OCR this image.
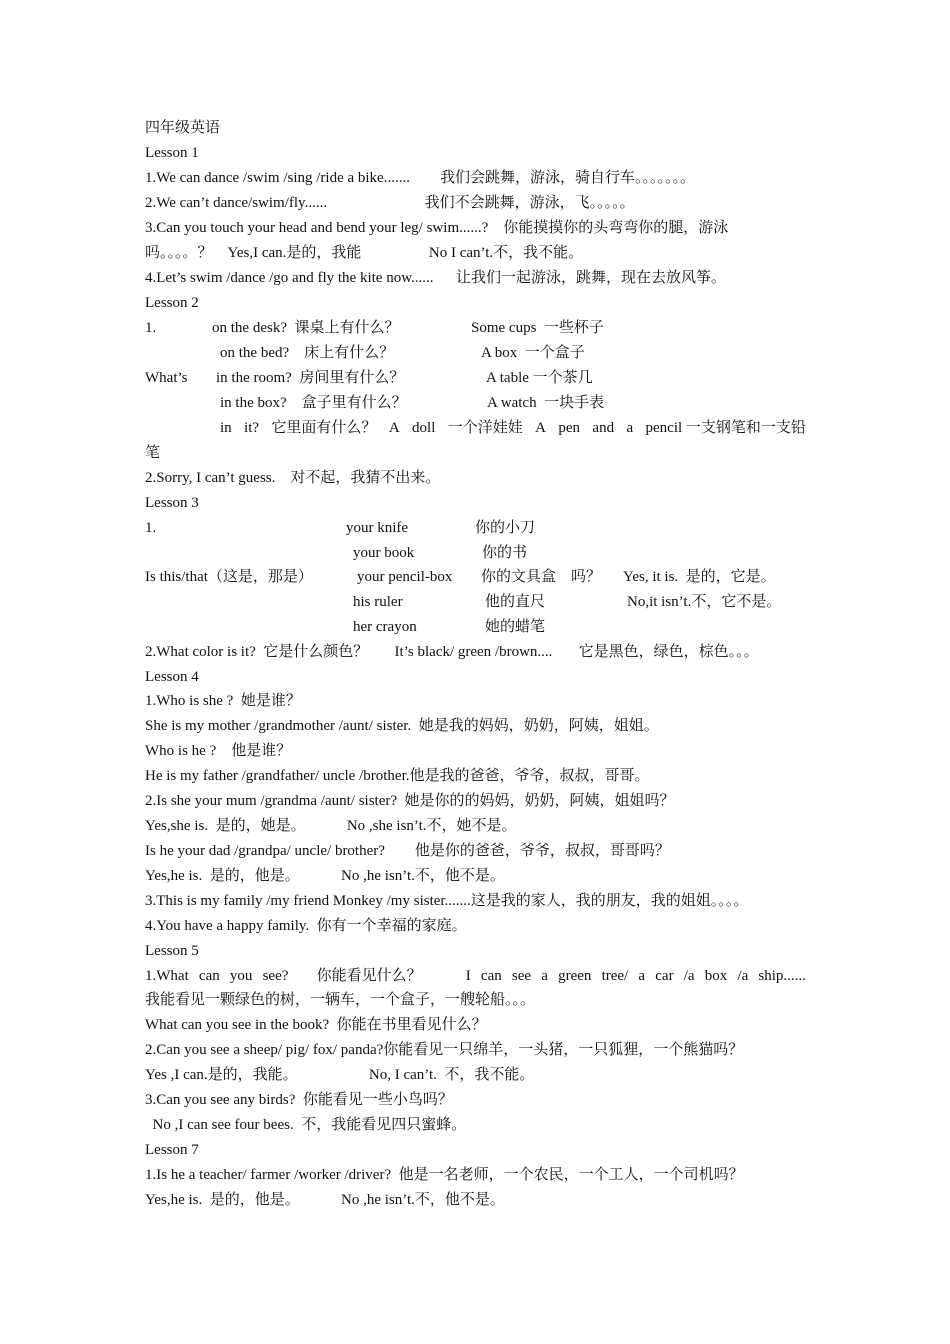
四年级英语
Lesson 1
1.We can dance /swim /sing /ride a bike.......        我们会跳舞，游泳，骑自行车。。。。。。。
2.We can’t dance/swim/fly......                          我们不会跳舞，游泳，飞。。。。。
3.Can you touch your head and bend your leg/ swim......?    你能摸摸你的头弯弯你的腿，游泳
吗。。。。？    Yes,I can.是的，我能                  No I can’t.不，我不能。
4.Let’s swim /dance /go and fly the kite now......      让我们一起游泳，跳舞，现在去放风筝。
Lesson 2
1.	on the desk?  课桌上有什么？	Some cups  一些杯子
on the bed?    床上有什么？	A box  一个盒子
What’s in the room?  房间里有什么？	A table 一个茶几
in the box?    盒子里有什么？	A watch  一块手表
in it? 它里面有什么？ A doll 一个洋娃娃 A pen and a pencil 一支钢笔和一支铅
笔
2.Sorry, I can’t guess.    对不起，我猜不出来。
Lesson 3
1.	your knife	你的小刀
your book	你的书
Is this/that（这是，那是）	your pencil-box 你的文具盒    吗？ Yes, it is.  是的，它是。
his ruler	他的直尺	No,it isn’t.不，它不是。
her crayon	她的蜡笔
2.What color is it?  它是什么颜色？       It’s black/ green /brown....       它是黑色，绿色，棕色。。。
Lesson 4
1.Who is she ?  她是谁？
She is my mother /grandmother /aunt/ sister.  她是我的妈妈，奶奶，阿姨，姐姐。
Who is he ?    他是谁？
He is my father /grandfather/ uncle /brother.他是我的爸爸，爷爷，叔叔，哥哥。
2.Is she your mum /grandma /aunt/ sister?  她是你的的妈妈，奶奶，阿姨，姐姐吗？
Yes,she is.  是的，她是。           No ,she isn’t.不，她不是。
Is he your dad /grandpa/ uncle/ brother?        他是你的爸爸，爷爷，叔叔，哥哥吗？
Yes,he is.  是的，他是。           No ,he isn’t.不，他不是。
3.This is my family /my friend Monkey /my sister.......这是我的家人，我的朋友，我的姐姐。。。。
4.You have a happy family.  你有一个幸福的家庭。
Lesson 5
1.What can you see? 你能看见什么？	I can see a green tree/ a car /a box /a ship......
我能看见一颗绿色的树，一辆车，一个盒子，一艘轮船。。。
What can you see in the book?  你能在书里看见什么？
2.Can you see a sheep/ pig/ fox/ panda?你能看见一只绵羊，一头猪，一只狐狸，一个熊猫吗？
Yes ,I can.是的，我能。                   No, I can’t.  不，我不能。
3.Can you see any birds?  你能看见一些小鸟吗？
No ,I can see four bees.  不，我能看见四只蜜蜂。
Lesson 7
1.Is he a teacher/ farmer /worker /driver?  他是一名老师，一个农民，一个工人，一个司机吗？
Yes,he is.  是的，他是。           No ,he isn’t.不，他不是。
